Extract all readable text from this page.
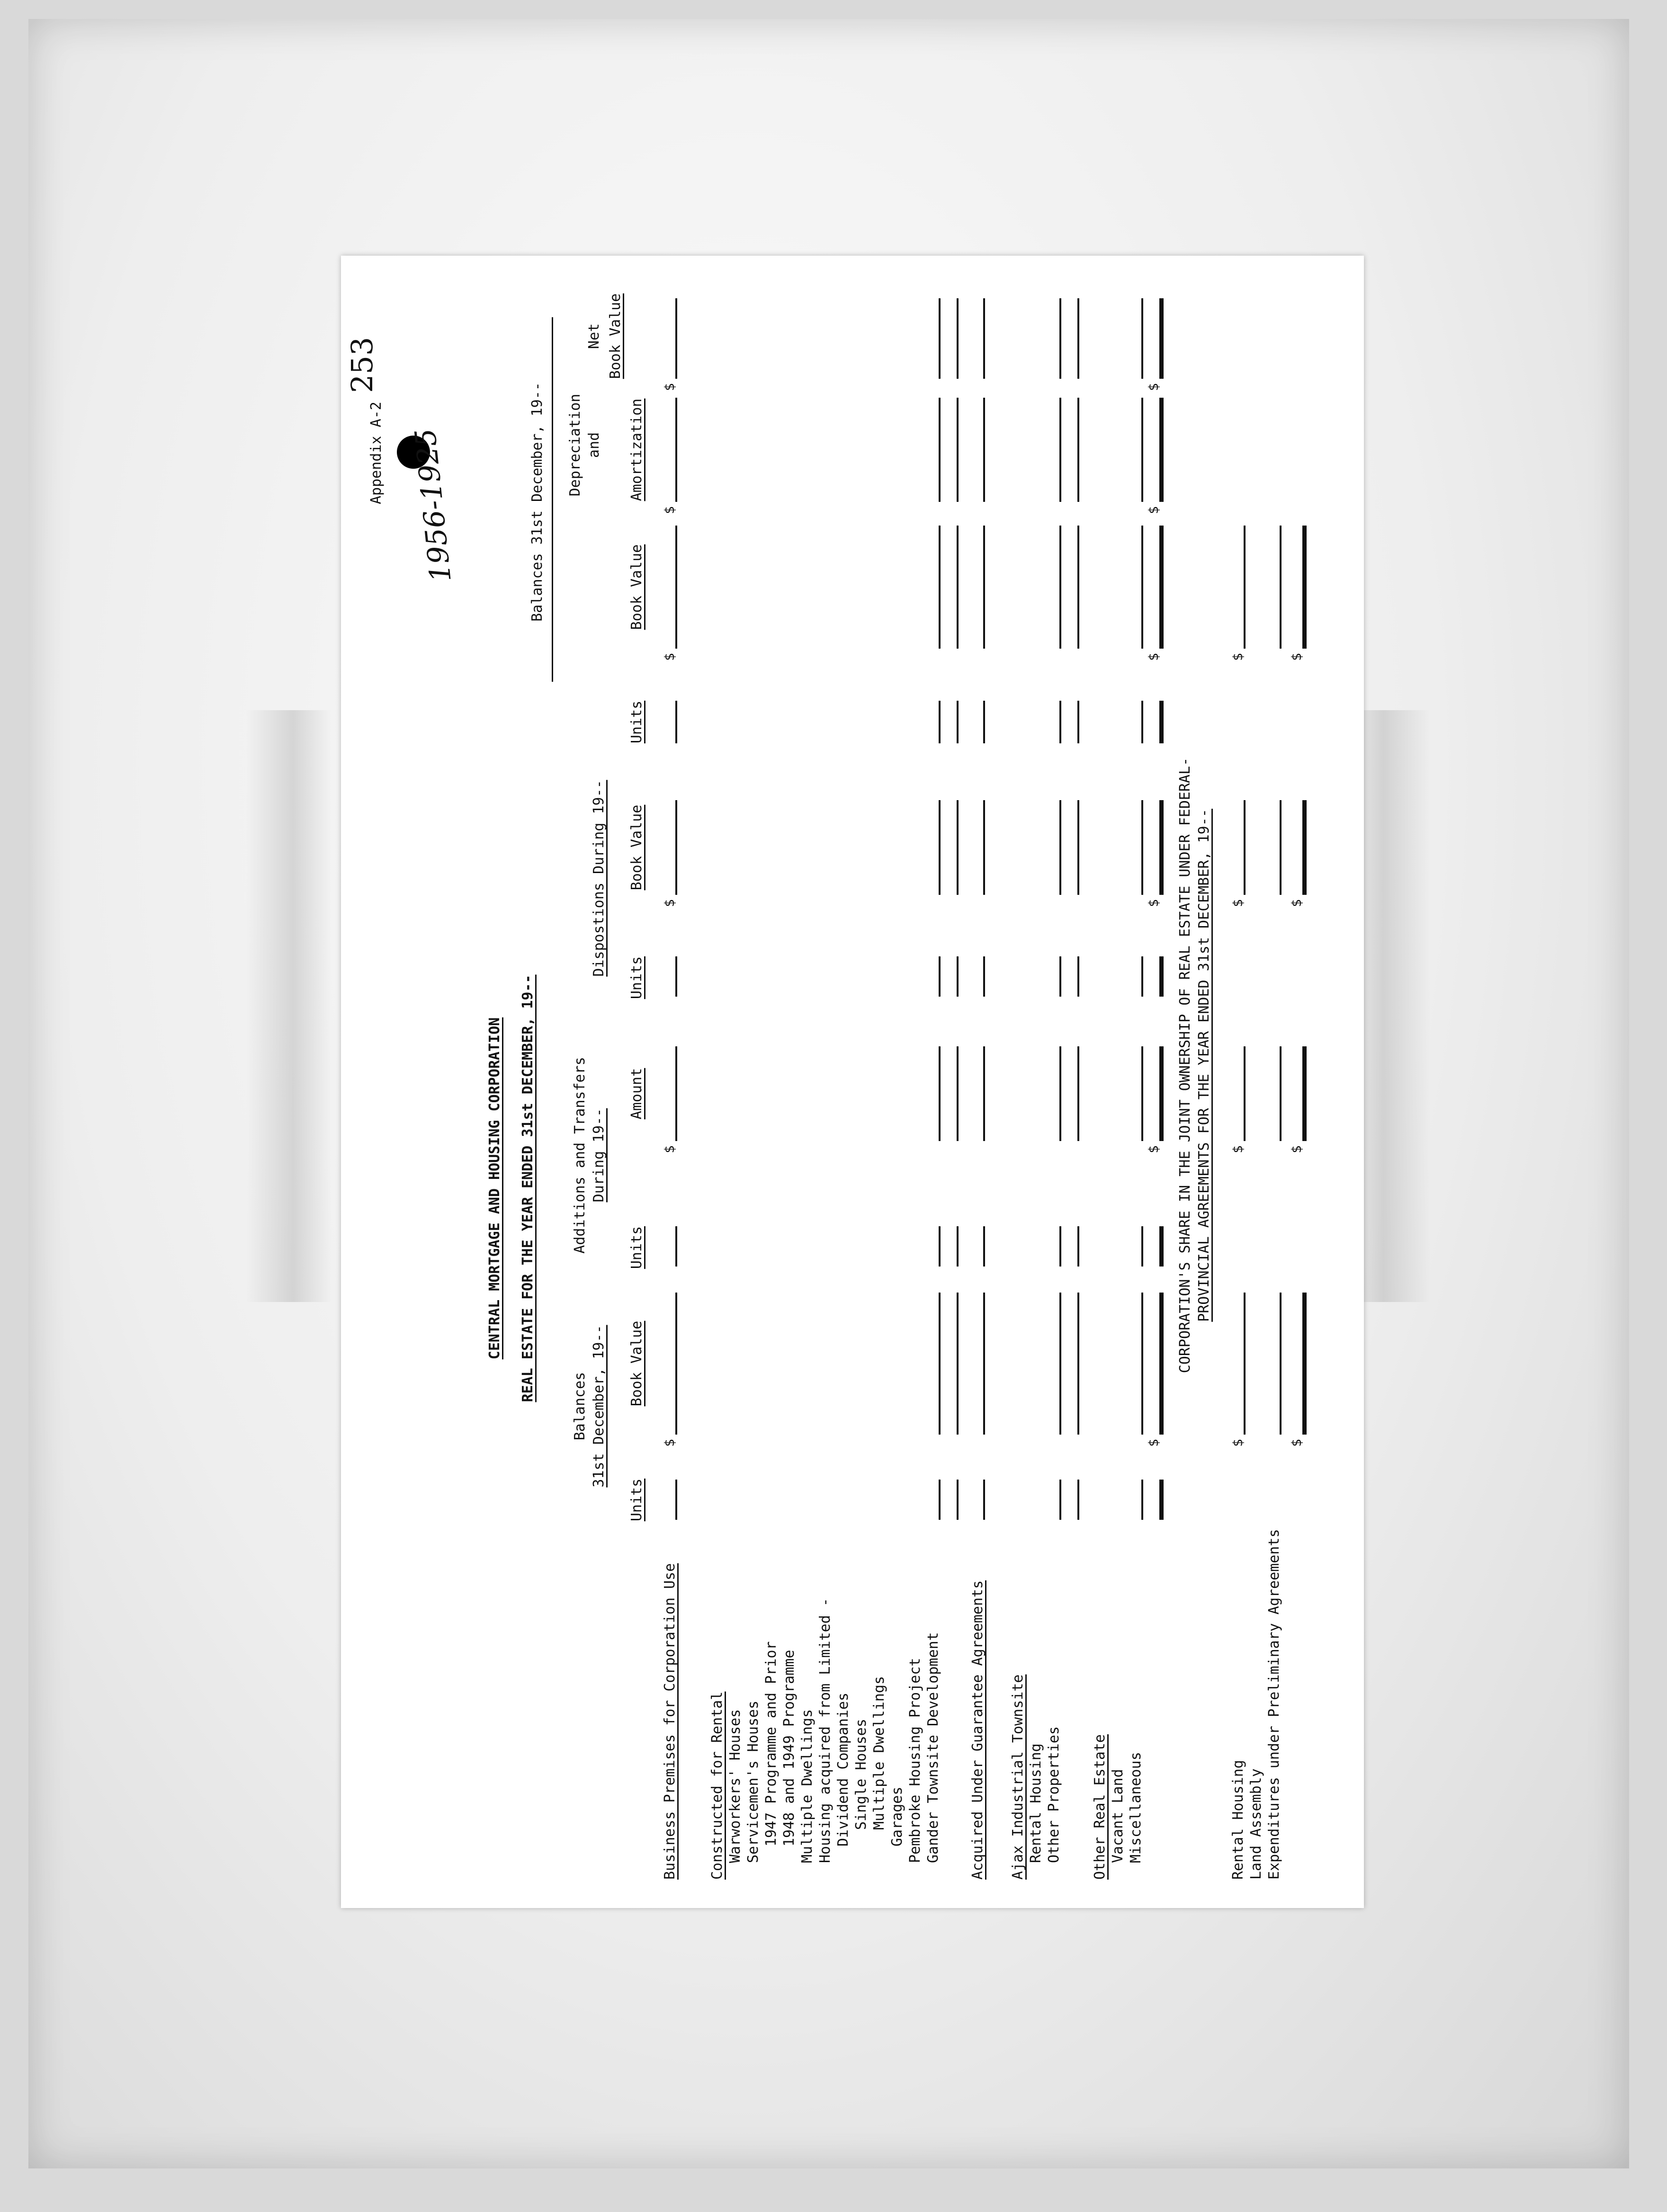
Appendix A-2
253
1956-1925
CENTRAL MORTGAGE AND HOUSING CORPORATION REAL ESTATE FOR THE YEAR ENDED 31st DECEMBER, 19--
Balances 31st December, 19--
Additions and Transfers During 19--
Dispostions During 19--
Balances 31st December, 19-- Depreciation and
Net
Units
Book Value
Units
Amount
Units
Book Value
Units
Book Value
Amortization
Book Value
Business Premises for Corporation Use Constructed for Rental Warworkers' Houses Servicemen's Houses 1947 Programme and Prior 1948 and 1949 Programme Multiple Dwellings Housing acquired from Limited - Dividend Companies Single Houses Multiple Dwellings Garages Pembroke Housing Project Gander Townsite Development Acquired Under Guarantee Agreements Ajax Industrial Townsite Rental Housing Other Properties Other Real Estate Vacant Land Miscellaneous
CORPORATION'S SHARE IN THE JOINT OWNERSHIP OF REAL ESTATE UNDER FEDERAL- PROVINCIAL AGREEMENTS FOR THE YEAR ENDED 31st DECEMBER, 19--
Rental Housing Land Assembly Expenditures under Preliminary Agreements
$
$
$
$
$
$
$
$
$
$
$
$
$
$
$
$
$
$
$
$
